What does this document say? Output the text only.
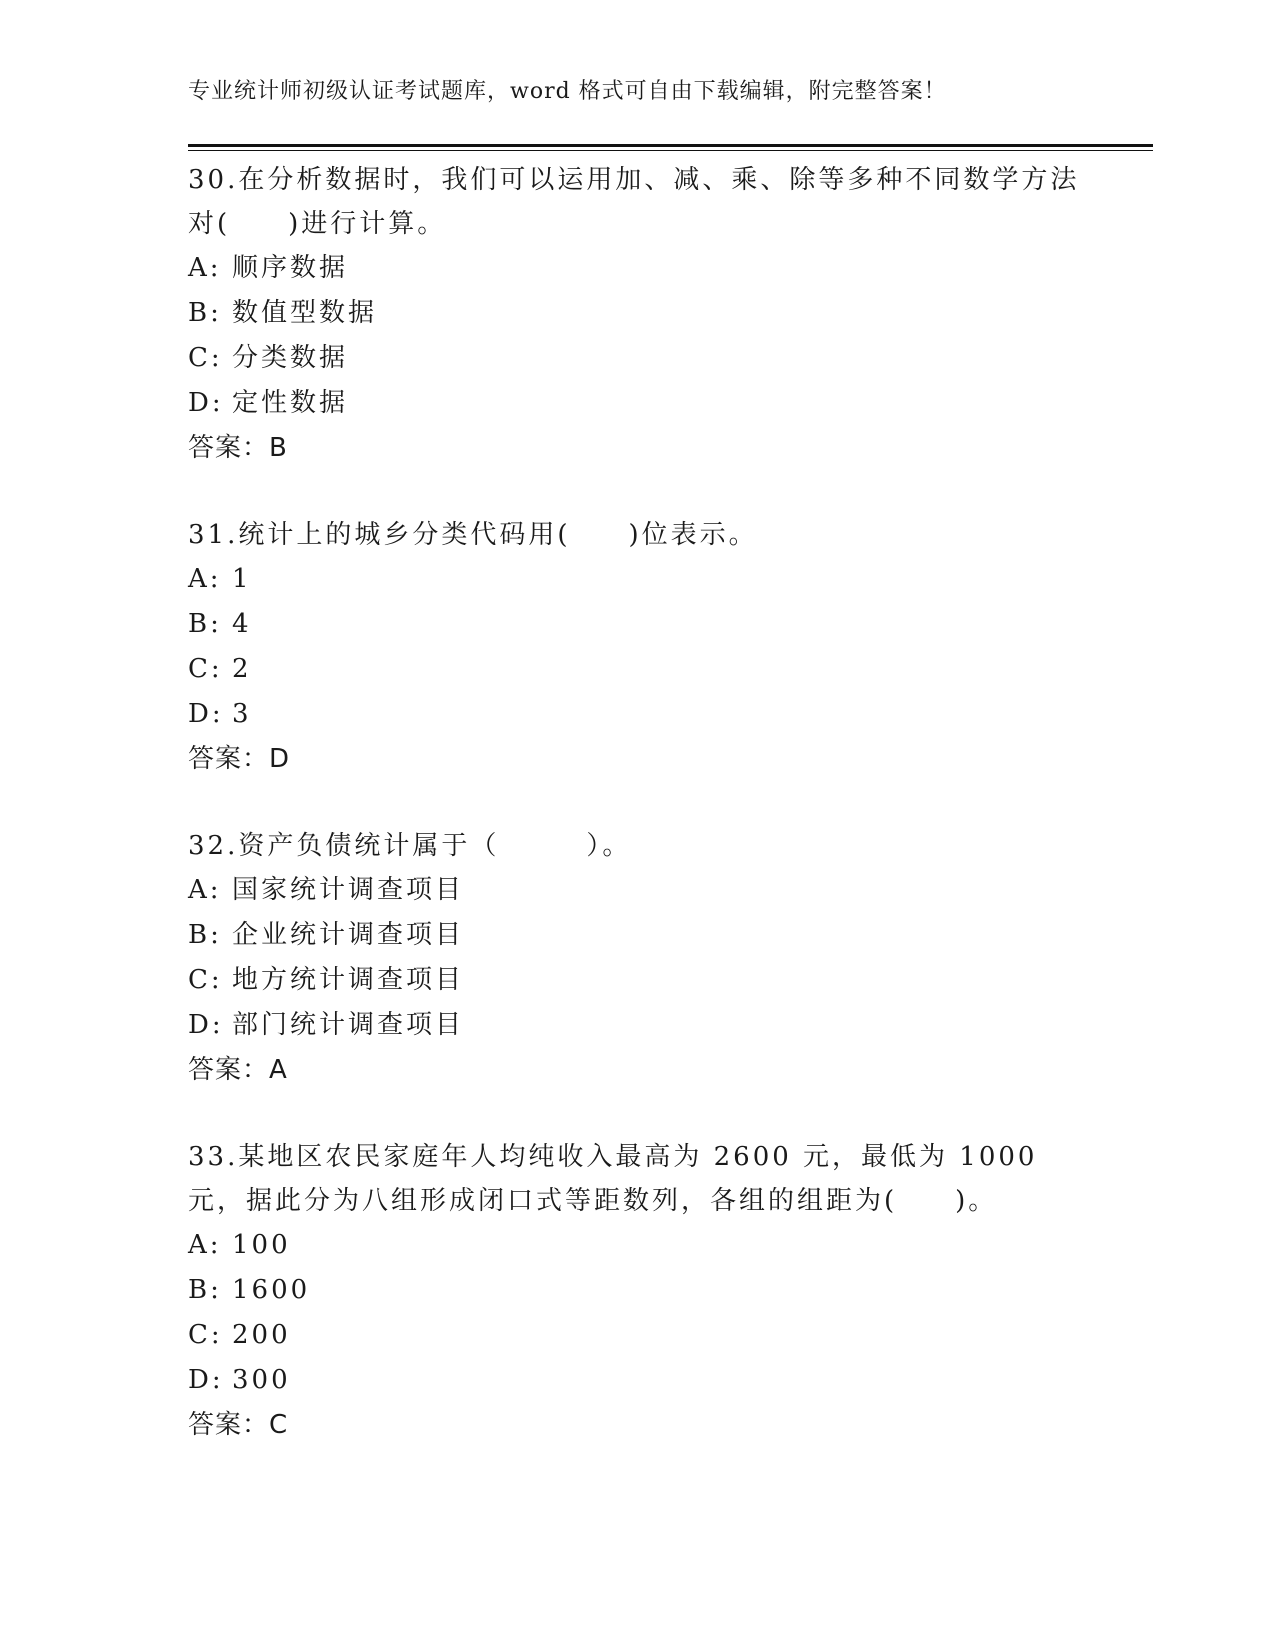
专业统计师初级认证考试题库，word 格式可自由下载编辑，附完整答案！

30.在分析数据时，我们可以运用加、减、乘、除等多种不同数学方法对(　　)进行计算。

A: 顺序数据

B: 数值型数据

C: 分类数据

D: 定性数据

答案：B

31.统计上的城乡分类代码用(　　)位表示。

A: 1

B: 4

C: 2

D: 3

答案：D

32.资产负债统计属于（　　　）。

A: 国家统计调查项目

B: 企业统计调查项目

C: 地方统计调查项目

D: 部门统计调查项目

答案：A

33.某地区农民家庭年人均纯收入最高为 2600 元，最低为 1000 元，据此分为八组形成闭口式等距数列，各组的组距为(　　)。

A: 100

B: 1600

C: 200

D: 300

答案：C
